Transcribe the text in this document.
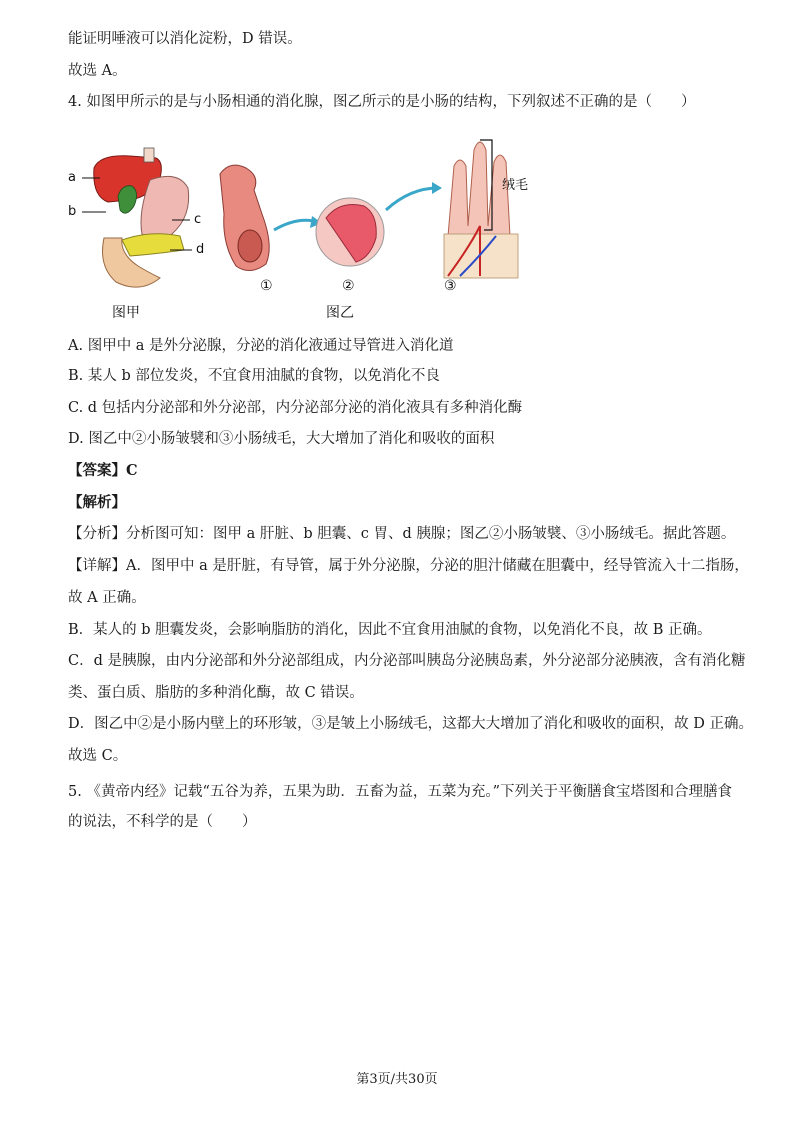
能证明唾液可以消化淀粉，D 错误。
故选 A。
4. 如图甲所示的是与小肠相通的消化腺，图乙所示的是小肠的结构，下列叙述不正确的是（　　）
a
b
c
d
绒毛
图甲	图乙
①	②	③
A. 图甲中 a 是外分泌腺，分泌的消化液通过导管进入消化道
B. 某人 b 部位发炎，不宜食用油腻的食物，以免消化不良
C. d 包括内分泌部和外分泌部，内分泌部分泌的消化液具有多种消化酶
D. 图乙中②小肠皱襞和③小肠绒毛，大大增加了消化和吸收的面积
【答案】C
【解析】
【分析】分析图可知：图甲 a 肝脏、b 胆囊、c 胃、d 胰腺；图乙②小肠皱襞、③小肠绒毛。据此答题。
【详解】A．图甲中 a 是肝脏，有导管，属于外分泌腺，分泌的胆汁储藏在胆囊中，经导管流入十二指肠，
故 A 正确。
B．某人的 b 胆囊发炎，会影响脂肪的消化，因此不宜食用油腻的食物，以免消化不良，故 B 正确。
C．d 是胰腺，由内分泌部和外分泌部组成，内分泌部叫胰岛分泌胰岛素，外分泌部分泌胰液，含有消化糖
类、蛋白质、脂肪的多种消化酶，故 C 错误。
D．图乙中②是小肠内壁上的环形皱，③是皱上小肠绒毛，这都大大增加了消化和吸收的面积，故 D 正确。
故选 C。
5. 《黄帝内经》记载“五谷为养，五果为助．五畜为益，五菜为充。”下列关于平衡膳食宝塔图和合理膳食
的说法，不科学的是（　　）
第3页/共30页
